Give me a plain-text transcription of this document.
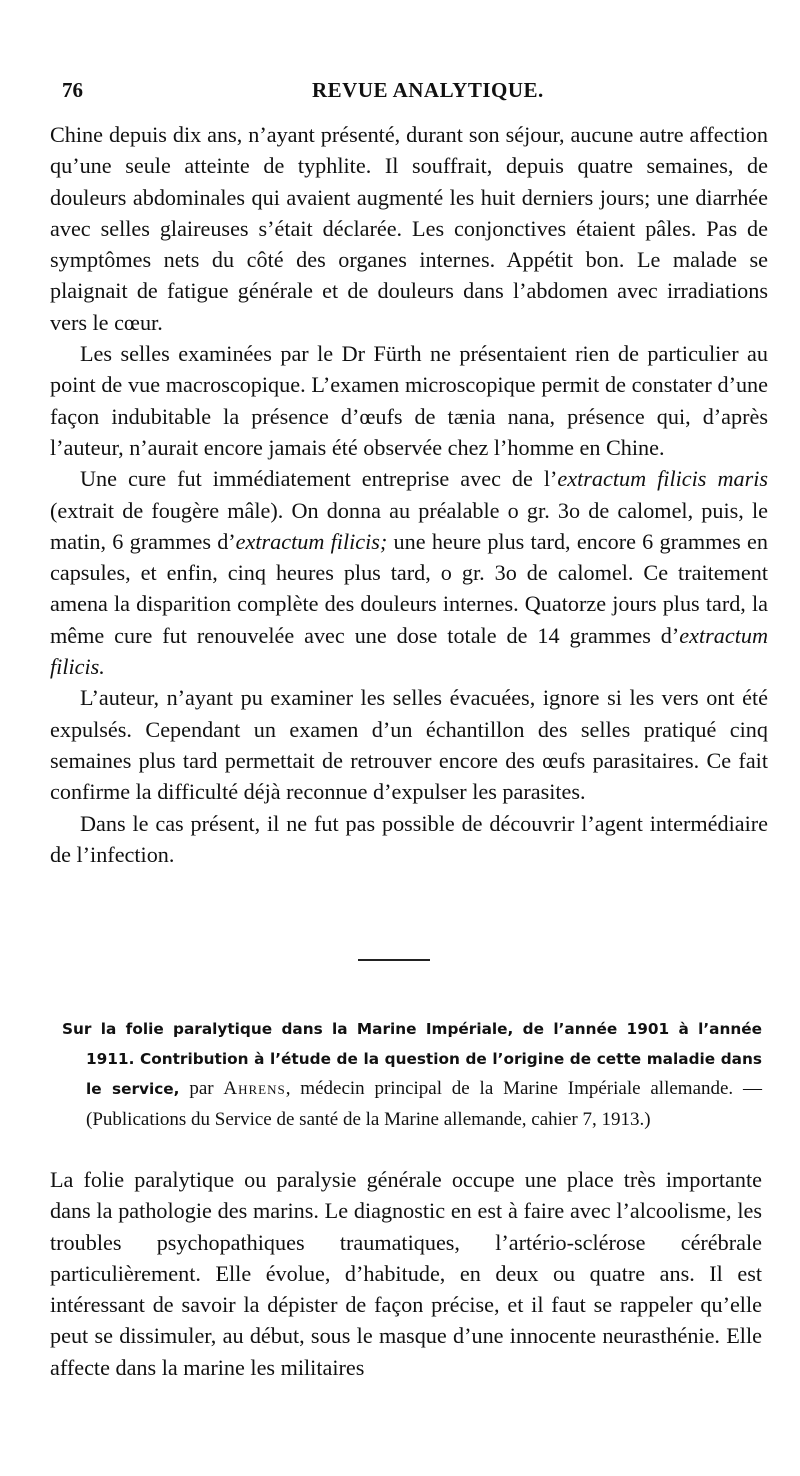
76	REVUE ANALYTIQUE.

Chine depuis dix ans, n’ayant présenté, durant son séjour, aucune autre affection qu’une seule atteinte de typhlite. Il souffrait, depuis quatre semaines, de douleurs abdominales qui avaient augmenté les huit derniers jours; une diarrhée avec selles glaireuses s’était déclarée. Les conjonctives étaient pâles. Pas de symptômes nets du côté des organes internes. Appétit bon. Le malade se plaignait de fatigue générale et de douleurs dans l’abdomen avec irradiations vers le cœur.

Les selles examinées par le Dr Fürth ne présentaient rien de particulier au point de vue macroscopique. L’examen microscopique permit de constater d’une façon indubitable la présence d’œufs de tænia nana, présence qui, d’après l’auteur, n’aurait encore jamais été observée chez l’homme en Chine.

Une cure fut immédiatement entreprise avec de l’extractum filicis maris (extrait de fougère mâle). On donna au préalable o gr. 3o de calomel, puis, le matin, 6 grammes d’extractum filicis; une heure plus tard, encore 6 grammes en capsules, et enfin, cinq heures plus tard, o gr. 3o de calomel. Ce traitement amena la disparition complète des douleurs internes. Quatorze jours plus tard, la même cure fut renouvelée avec une dose totale de 14 grammes d’extractum filicis.

L’auteur, n’ayant pu examiner les selles évacuées, ignore si les vers ont été expulsés. Cependant un examen d’un échantillon des selles pratiqué cinq semaines plus tard permettait de retrouver encore des œufs parasitaires. Ce fait confirme la difficulté déjà reconnue d’expulser les parasites.

Dans le cas présent, il ne fut pas possible de découvrir l’agent intermédiaire de l’infection.

Sur la folie paralytique dans la Marine Impériale, de l’année 1901 à l’année 1911. Contribution à l’étude de la question de l’origine de cette maladie dans le service, par Ahrens, médecin principal de la Marine Impériale allemande. — (Publications du Service de santé de la Marine allemande, cahier 7, 1913.)

La folie paralytique ou paralysie générale occupe une place très importante dans la pathologie des marins. Le diagnostic en est à faire avec l’alcoolisme, les troubles psychopathiques traumatiques, l’artério-sclérose cérébrale particulièrement. Elle évolue, d’habitude, en deux ou quatre ans. Il est intéressant de savoir la dépister de façon précise, et il faut se rappeler qu’elle peut se dissimuler, au début, sous le masque d’une innocente neurasthénie. Elle affecte dans la marine les militaires
